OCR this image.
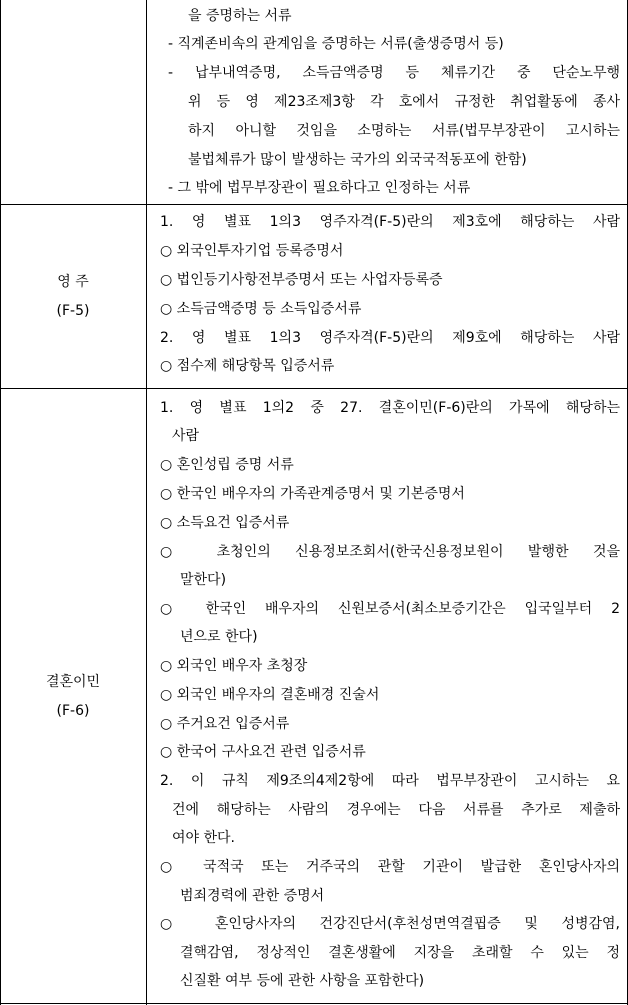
을 증명하는 서류
- 직계존비속의 관계임을 증명하는 서류(출생증명서 등)
- 납부내역증명, 소득금액증명 등 체류기간 중 단순노무행
위 등 영 제23조제3항 각 호에서 규정한 취업활동에 종사
하지 아니할 것임을 소명하는 서류(법무부장관이 고시하는
불법체류가 많이 발생하는 국가의 외국국적동포에 한함)
- 그 밖에 법무부장관이 필요하다고 인정하는 서류
영 주
(F-5)
1. 영 별표 1의3 영주자격(F-5)란의 제3호에 해당하는 사람
○ 외국인투자기업 등록증명서
○ 법인등기사항전부증명서 또는 사업자등록증
○ 소득금액증명 등 소득입증서류
2. 영 별표 1의3 영주자격(F-5)란의 제9호에 해당하는 사람
○ 점수제 해당항목 입증서류
결혼이민
(F-6)
1. 영 별표 1의2 중 27. 결혼이민(F-6)란의 가목에 해당하는
사람
○ 혼인성립 증명 서류
○ 한국인 배우자의 가족관계증명서 및 기본증명서
○ 소득요건 입증서류
○ 초청인의 신용정보조회서(한국신용정보원이 발행한 것을
말한다)
○ 한국인 배우자의 신원보증서(최소보증기간은 입국일부터 2
년으로 한다)
○ 외국인 배우자 초청장
○ 외국인 배우자의 결혼배경 진술서
○ 주거요건 입증서류
○ 한국어 구사요건 관련 입증서류
2. 이 규칙 제9조의4제2항에 따라 법무부장관이 고시하는 요
건에 해당하는 사람의 경우에는 다음 서류를 추가로 제출하
여야 한다.
○ 국적국 또는 거주국의 관할 기관이 발급한 혼인당사자의
범죄경력에 관한 증명서
○ 혼인당사자의 건강진단서(후천성면역결핍증 및 성병감염,
결핵감염, 정상적인 결혼생활에 지장을 초래할 수 있는 정
신질환 여부 등에 관한 사항을 포함한다)
